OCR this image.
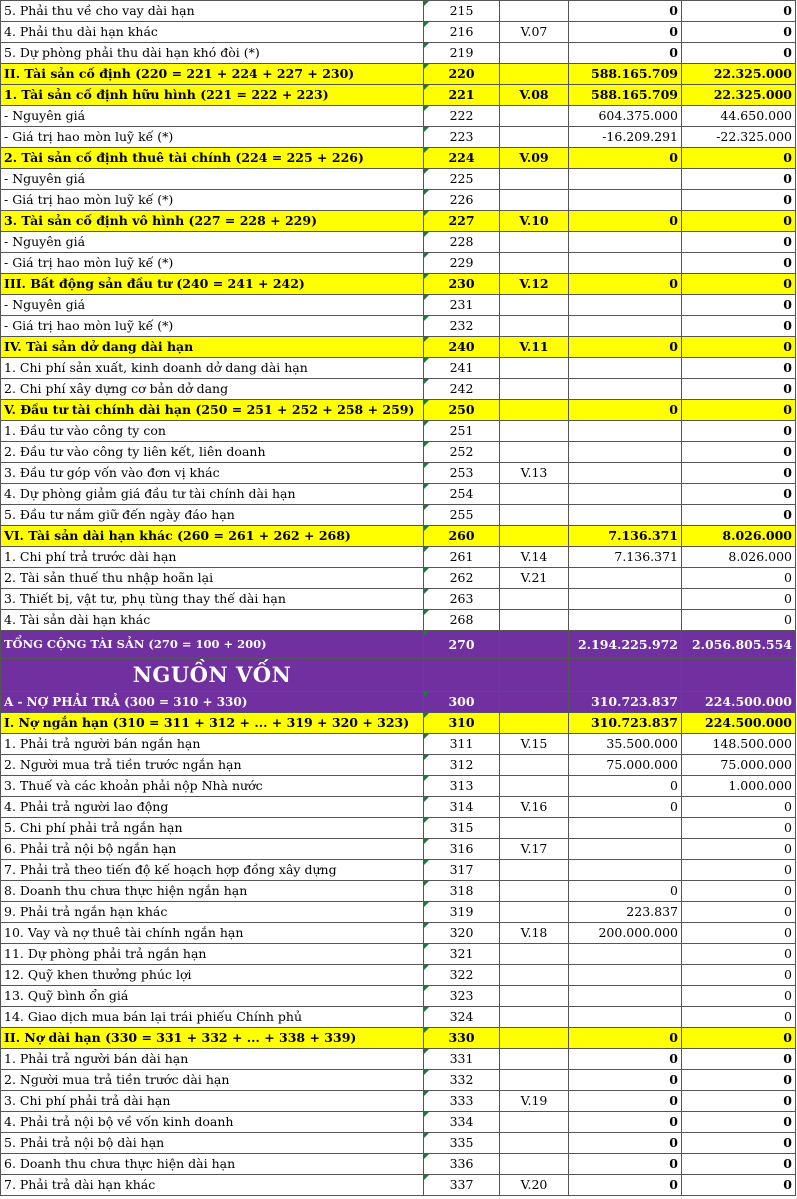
5. Phải thu về cho vay dài hạn	215		0	0
4. Phải thu dài hạn khác	216	V.07	0	0
5. Dự phòng phải thu dài hạn khó đòi (*)	219		0	0
II. Tài sản cố định (220 = 221 + 224 + 227 + 230)	220		588.165.709	22.325.000
1. Tài sản cố định hữu hình (221 = 222 + 223)	221	V.08	588.165.709	22.325.000
- Nguyên giá	222		604.375.000	44.650.000
- Giá trị hao mòn luỹ kế (*)	223		-16.209.291	-22.325.000
2. Tài sản cố định thuê tài chính (224 = 225 + 226)	224	V.09	0	0
- Nguyên giá	225			0
- Giá trị hao mòn luỹ kế (*)	226			0
3. Tài sản cố định vô hình (227 = 228 + 229)	227	V.10	0	0
- Nguyên giá	228			0
- Giá trị hao mòn luỹ kế (*)	229			0
III. Bất động sản đầu tư (240 = 241 + 242)	230	V.12	0	0
- Nguyên giá	231			0
- Giá trị hao mòn luỹ kế (*)	232			0
IV. Tài sản dở dang dài hạn	240	V.11	0	0
1. Chi phí sản xuất, kinh doanh dở dang dài hạn	241			0
2. Chi phí xây dựng cơ bản dở dang	242			0
V. Đầu tư tài chính dài hạn (250 = 251 + 252 + 258 + 259)	250		0	0
1. Đầu tư vào công ty con	251			0
2. Đầu tư vào công ty liên kết, liên doanh	252			0
3. Đầu tư góp vốn vào đơn vị khác	253	V.13		0
4. Dự phòng giảm giá đầu tư tài chính dài hạn	254			0
5. Đầu tư nắm giữ đến ngày đáo hạn	255			0
VI. Tài sản dài hạn khác (260 = 261 + 262 + 268)	260		7.136.371	8.026.000
1. Chi phí trả trước dài hạn	261	V.14	7.136.371	8.026.000
2. Tài sản thuế thu nhập hoãn lại	262	V.21		0
3. Thiết bị, vật tư, phụ tùng thay thế dài hạn	263			0
4. Tài sản dài hạn khác	268			0
TỔNG CỘNG TÀI SẢN (270 = 100 + 200)	270		2.194.225.972	2.056.805.554
NGUỒN VỐN				
A - NỢ PHẢI TRẢ (300 = 310 + 330)	300		310.723.837	224.500.000
I. Nợ ngắn hạn (310 = 311 + 312 + ... + 319 + 320 + 323)	310		310.723.837	224.500.000
1. Phải trả người bán ngắn hạn	311	V.15	35.500.000	148.500.000
2. Người mua trả tiền trước ngắn hạn	312		75.000.000	75.000.000
3. Thuế và các khoản phải nộp Nhà nước	313		0	1.000.000
4. Phải trả người lao động	314	V.16	0	0
5. Chi phí phải trả ngắn hạn	315			0
6. Phải trả nội bộ ngắn hạn	316	V.17		0
7. Phải trả theo tiến độ kế hoạch hợp đồng xây dựng	317			0
8. Doanh thu chưa thực hiện ngắn hạn	318		0	0
9. Phải trả ngắn hạn khác	319		223.837	0
10. Vay và nợ thuê tài chính ngắn hạn	320	V.18	200.000.000	0
11. Dự phòng phải trả ngắn hạn	321			0
12. Quỹ khen thưởng phúc lợi	322			0
13. Quỹ bình ổn giá	323			0
14. Giao dịch mua bán lại trái phiếu Chính phủ	324			0
II. Nợ dài hạn (330 = 331 + 332 + ... + 338 + 339)	330		0	0
1. Phải trả người bán dài hạn	331		0	0
2. Người mua trả tiền trước dài hạn	332		0	0
3. Chi phí phải trả dài hạn	333	V.19	0	0
4. Phải trả nội bộ về vốn kinh doanh	334		0	0
5. Phải trả nội bộ dài hạn	335		0	0
6. Doanh thu chưa thực hiện dài hạn	336		0	0
7. Phải trả dài hạn khác	337	V.20	0	0
